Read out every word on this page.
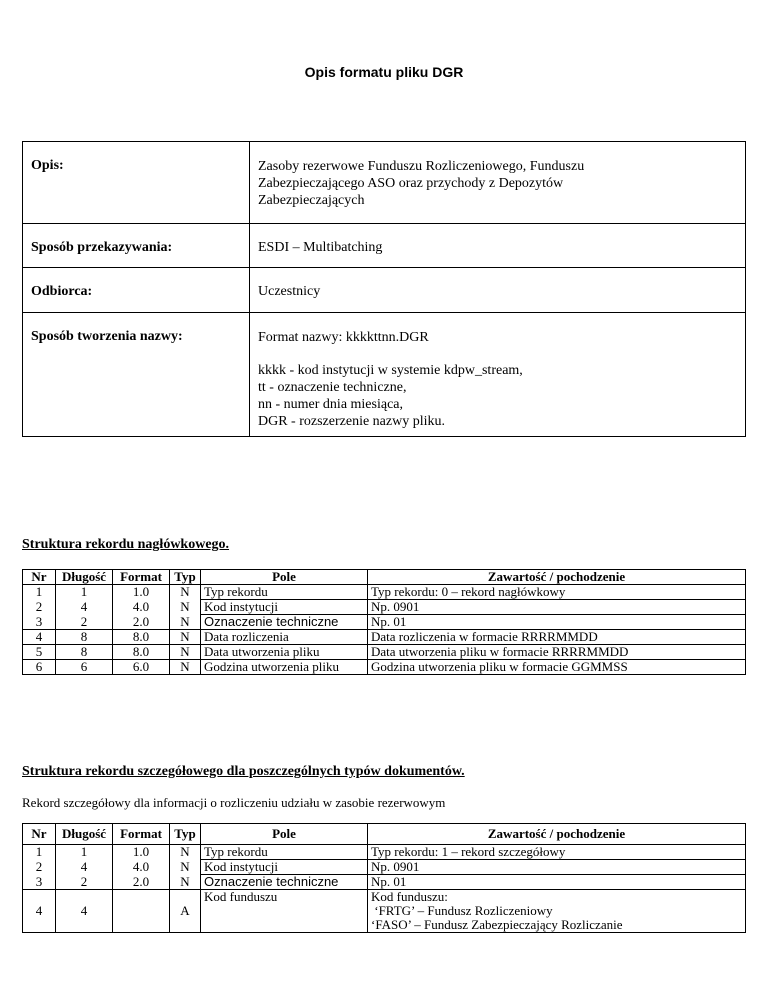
Opis formatu pliku DGR
Opis:	Zasoby rezerwowe Funduszu Rozliczeniowego, Funduszu

Zabezpieczającego ASO oraz przychody z Depozytów

Zabezpieczających

Sposób przekazywania:	ESDI – Multibatching
Odbiorca:	Uczestnicy
Sposób tworzenia nazwy:	Format nazwy: kkkkttnn.DGR

kkkk - kod instytucji w systemie kdpw_stream,

tt - oznaczenie techniczne,

nn - numer dnia miesiąca,

DGR - rozszerzenie nazwy pliku.

Struktura rekordu nagłówkowego.
Nr	Długość	Format	Typ	Pole	Zawartość / pochodzenie
1	1	1.0	N	Typ rekordu	Typ rekordu: 0 – rekord nagłówkowy
2	4	4.0	N	Kod instytucji	Np. 0901
3	2	2.0	N	Oznaczenie techniczne	Np. 01
4	8	8.0	N	Data rozliczenia	Data rozliczenia w formacie RRRRMMDD
5	8	8.0	N	Data utworzenia pliku	Data utworzenia pliku w formacie RRRRMMDD
6	6	6.0	N	Godzina utworzenia pliku	Godzina utworzenia pliku w formacie GGMMSS
Struktura rekordu szczegółowego dla poszczególnych typów dokumentów.
Rekord szczegółowy dla informacji o rozliczeniu udziału w zasobie rezerwowym
Nr	Długość	Format	Typ	Pole	Zawartość / pochodzenie
1	1	1.0	N	Typ rekordu	Typ rekordu: 1 – rekord szczegółowy
2	4	4.0	N	Kod instytucji	Np. 0901
3	2	2.0	N	Oznaczenie techniczne	Np. 01
4	4		A	Kod funduszu	Kod funduszu:
‘FRTG’ – Fundusz Rozliczeniowy
‘FASO’ – Fundusz Zabezpieczający Rozliczanie
